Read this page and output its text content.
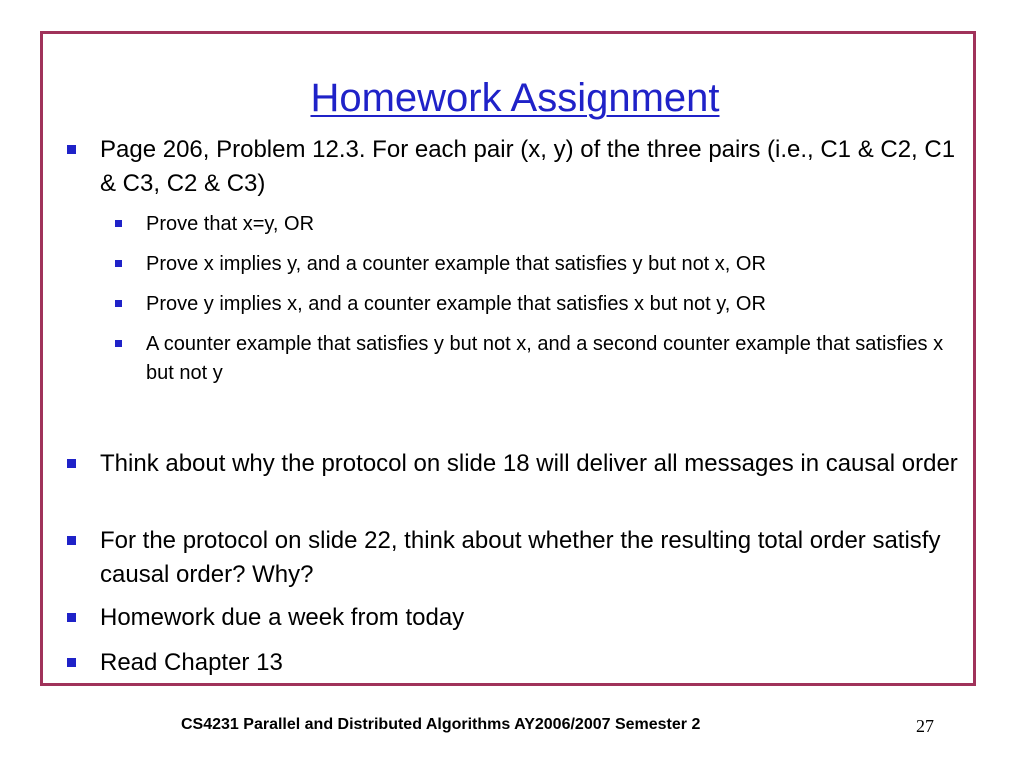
Homework Assignment
Page 206, Problem 12.3. For each pair (x, y) of the three pairs (i.e., C1 & C2, C1 & C3, C2 & C3)
Prove that x=y, OR
Prove x implies y, and a counter example that satisfies y but not x, OR
Prove y implies x, and a counter example that satisfies x but not y, OR
A counter example that satisfies y but not x, and a second counter example that satisfies x but not y
Think about why the protocol on slide 18 will deliver all messages in causal order
For the protocol on slide 22, think about whether the resulting total order satisfy causal order? Why?
Homework due a week from today
Read Chapter 13
CS4231 Parallel and Distributed Algorithms AY2006/2007 Semester 2	27
